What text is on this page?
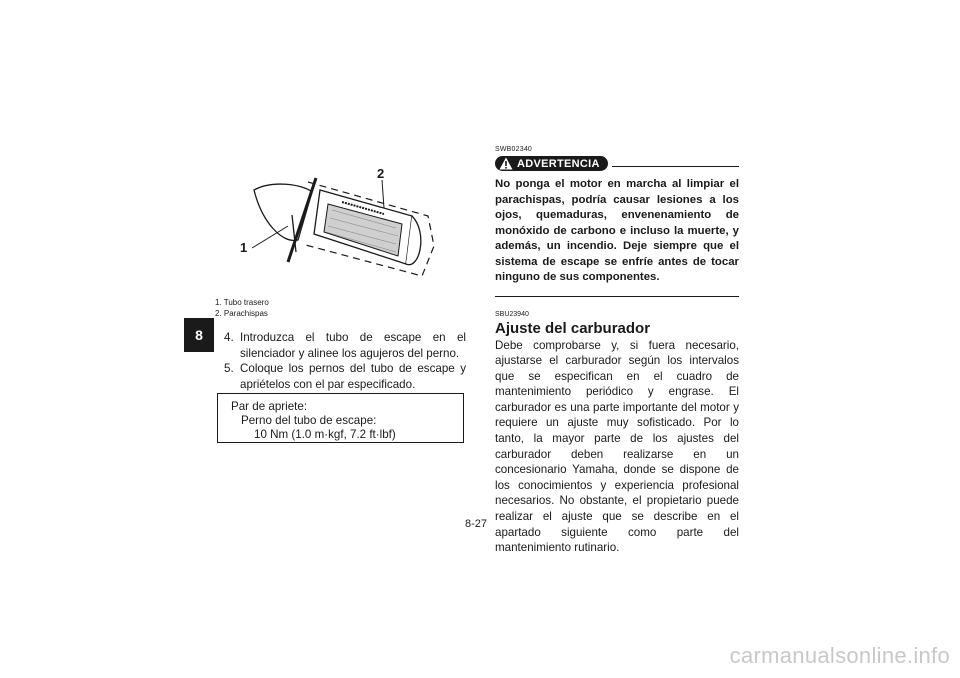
8
2
1
1. Tubo trasero
2. Parachispas
4. Introduzca el tubo de escape en el silenciador y alinee los agujeros del perno.
5. Coloque los pernos del tubo de escape y apriételos con el par especificado.
Par de apriete:
Perno del tubo de escape:
10 Nm (1.0 m·kgf, 7.2 ft·lbf)
SWB02340
ADVERTENCIA
No ponga el motor en marcha al limpiar el parachispas, podría causar lesiones a los ojos, quemaduras, envenenamiento de monóxido de carbono e incluso la muerte, y además, un incendio. Deje siempre que el sistema de escape se enfríe antes de tocar ninguno de sus componentes.
SBU23940
Ajuste del carburador
Debe comprobarse y, si fuera necesario, ajustarse el carburador según los intervalos que se especifican en el cuadro de mantenimiento periódico y engrase. El carburador es una parte importante del motor y requiere un ajuste muy sofisticado. Por lo tanto, la mayor parte de los ajustes del carburador deben realizarse en un concesionario Yamaha, donde se dispone de los conocimientos y experiencia profesional necesarios. No obstante, el propietario puede realizar el ajuste que se describe en el apartado siguiente como parte del mantenimiento rutinario.
8-27
carmanualsonline.info
